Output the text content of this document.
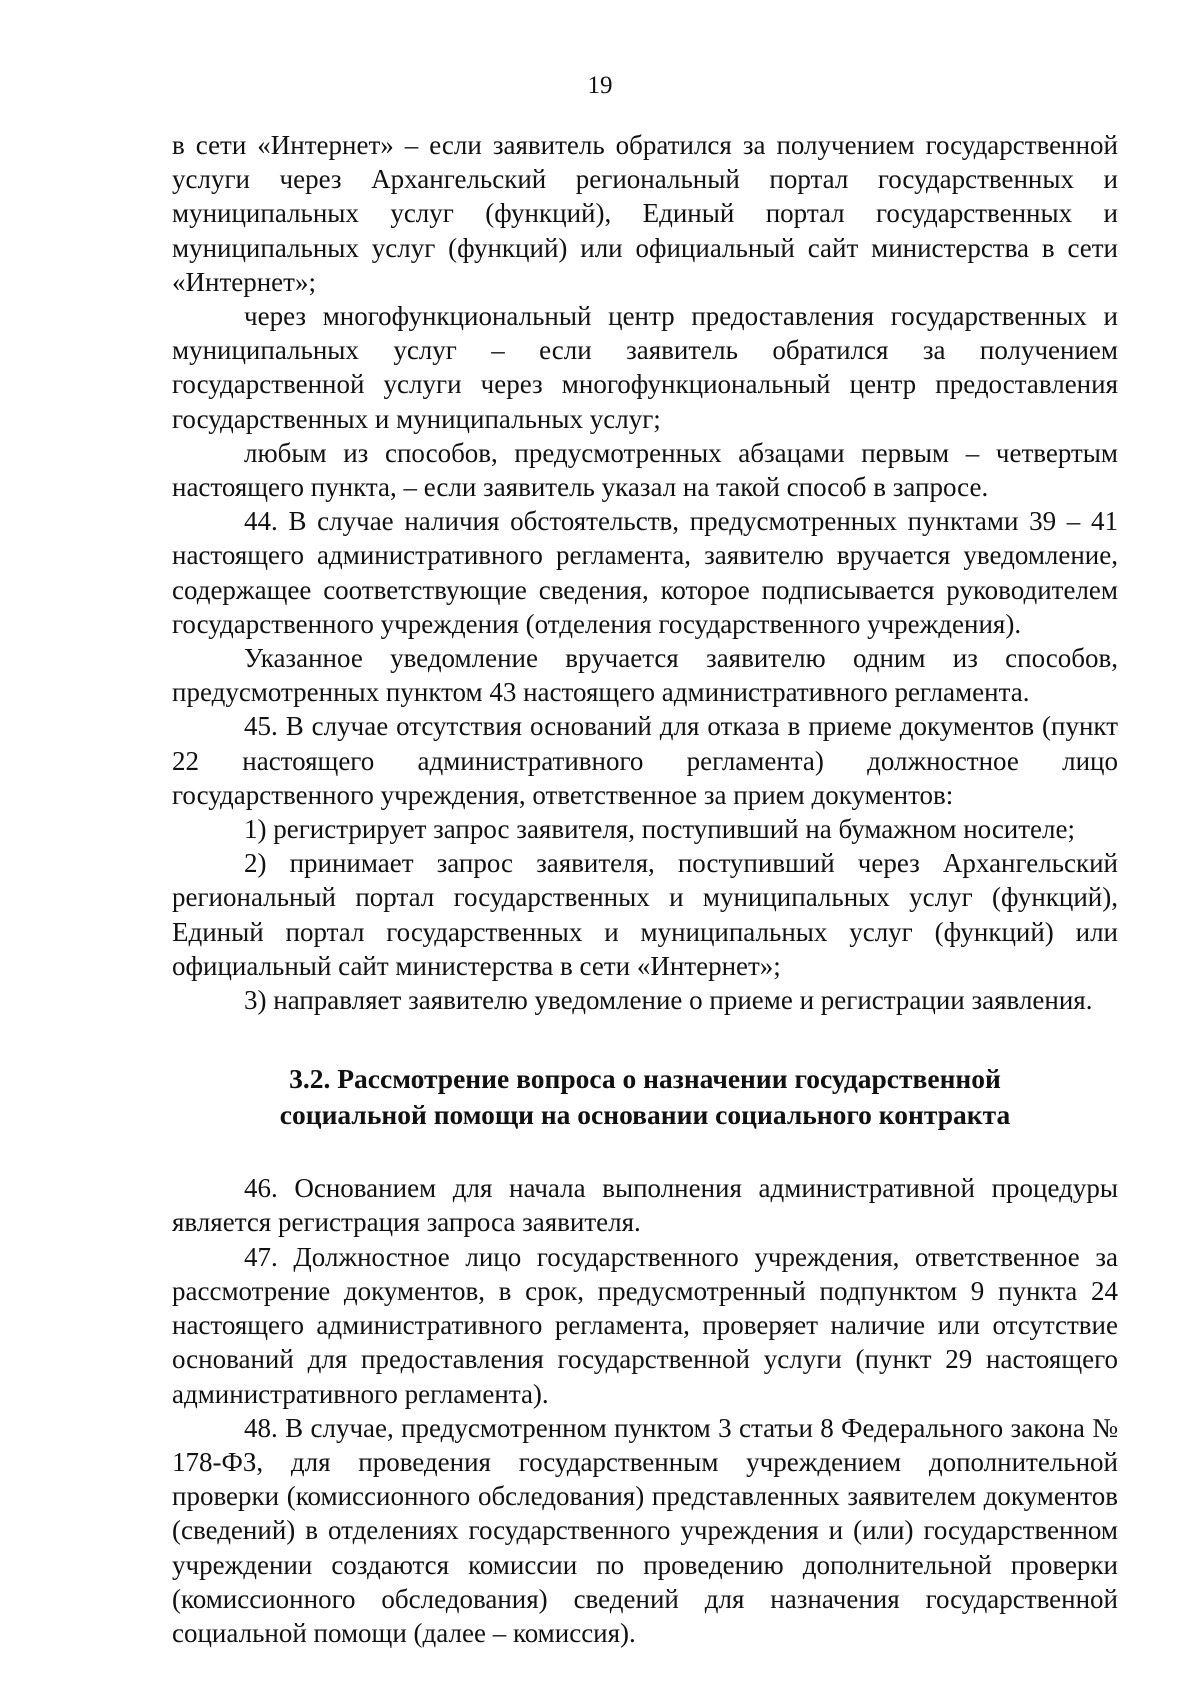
19

в сети «Интернет» – если заявитель обратился за получением государственной услуги через Архангельский региональный портал государственных и муниципальных услуг (функций), Единый портал государственных и муниципальных услуг (функций) или официальный сайт министерства в сети «Интернет»;

через многофункциональный центр предоставления государственных и муниципальных услуг – если заявитель обратился за получением государственной услуги через многофункциональный центр предоставления государственных и муниципальных услуг;

любым из способов, предусмотренных абзацами первым – четвертым настоящего пункта, – если заявитель указал на такой способ в запросе.

44. В случае наличия обстоятельств, предусмотренных пунктами 39 – 41 настоящего административного регламента, заявителю вручается уведомление, содержащее соответствующие сведения, которое подписывается руководителем государственного учреждения (отделения государственного учреждения).

Указанное уведомление вручается заявителю одним из способов, предусмотренных пунктом 43 настоящего административного регламента.

45. В случае отсутствия оснований для отказа в приеме документов (пункт 22 настоящего административного регламента) должностное лицо государственного учреждения, ответственное за прием документов:

1) регистрирует запрос заявителя, поступивший на бумажном носителе;

2) принимает запрос заявителя, поступивший через Архангельский региональный портал государственных и муниципальных услуг (функций), Единый портал государственных и муниципальных услуг (функций) или официальный сайт министерства в сети «Интернет»;

3) направляет заявителю уведомление о приеме и регистрации заявления.

3.2. Рассмотрение вопроса о назначении государственной
социальной помощи на основании социального контракта

46. Основанием для начала выполнения административной процедуры является регистрация запроса заявителя.

47. Должностное лицо государственного учреждения, ответственное за рассмотрение документов, в срок, предусмотренный подпунктом 9 пункта 24 настоящего административного регламента, проверяет наличие или отсутствие оснований для предоставления государственной услуги (пункт 29 настоящего административного регламента).

48. В случае, предусмотренном пунктом 3 статьи 8 Федерального закона № 178-ФЗ, для проведения государственным учреждением дополнительной проверки (комиссионного обследования) представленных заявителем документов (сведений) в отделениях государственного учреждения и (или) государственном учреждении создаются комиссии по проведению дополнительной проверки (комиссионного обследования) сведений для назначения государственной социальной помощи (далее – комиссия).
